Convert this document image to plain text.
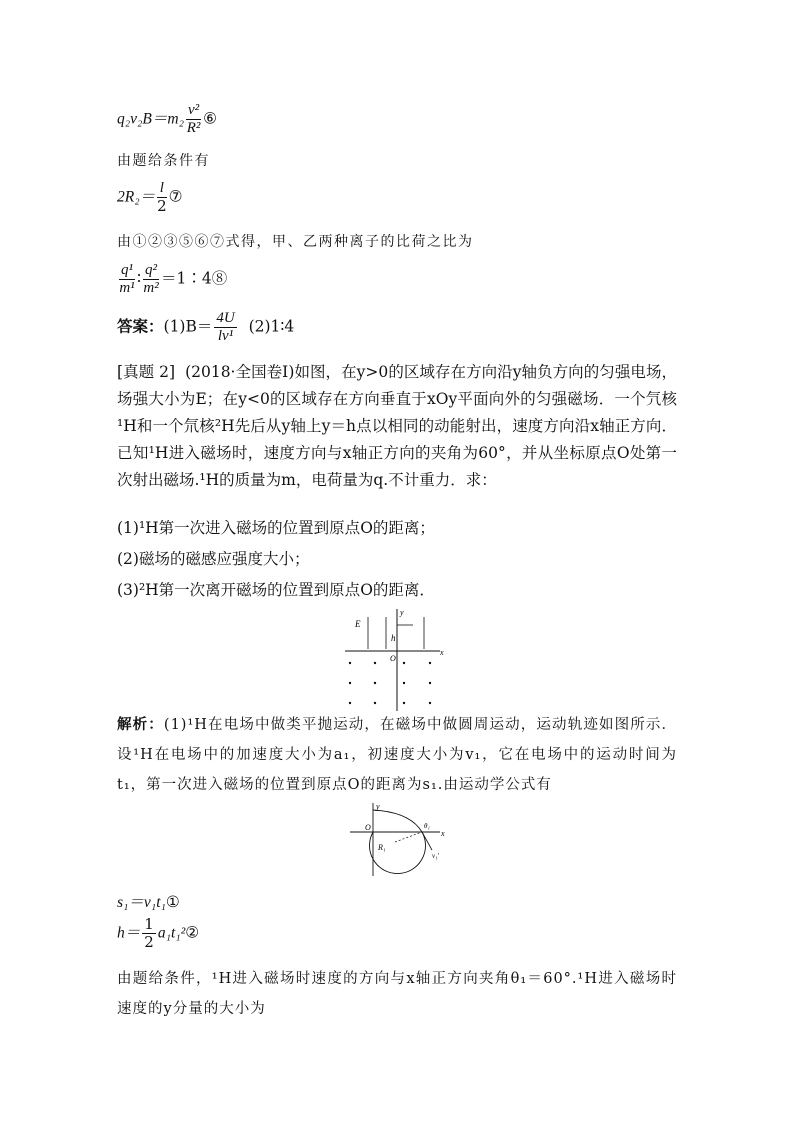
$q_2v_2B=m_2 \frac{\text{v²}}{\text{R²}}$ ⑥
由题给条件有
$2R_2= \frac{l}{2}$ ⑦
由①②③⑤⑥⑦式得，甲、乙两种离子的比荷之比为
$\frac{\text{q¹}}{\text{m¹}}$ ∶ $\frac{\text{q²}}{\text{m²}}$ ＝1∶4⑧
答案：$(1)B= \frac{4U}{\text{lv¹}}$ (2)1∶4
[真题 2] (2018·全国卷Ⅰ)如图，在y>0的区域存在方向沿y轴负方向的匀强电场，场强大小为E；在y<0的区域存在方向垂直于xOy平面向外的匀强磁场．一个氕核¹H和一个氘核²H先后从y轴上y＝h点以相同的动能射出，速度方向沿x轴正方向．已知¹H进入磁场时，速度方向与x轴正方向的夹角为60°，并从坐标原点O处第一次射出磁场.¹H的质量为m，电荷量为q.不计重力．求：
(1)¹H第一次进入磁场的位置到原点O的距离；
(2)磁场的磁感应强度大小；
(3)²H第一次离开磁场的位置到原点O的距离．
E
h
O
x
y
解析：(1)¹H在电场中做类平抛运动，在磁场中做圆周运动，运动轨迹如图所示．设¹H在电场中的加速度大小为a₁，初速度大小为v₁，它在电场中的运动时间为t₁，第一次进入磁场的位置到原点O的距离为s₁.由运动学公式有
y
O
x
R₁
θ₁
v₁'
s₁＝v₁t₁①
$h= \frac{1}{2}$ a₁t₁²②
由题给条件，¹H进入磁场时速度的方向与x轴正方向夹角θ₁＝60°.¹H进入磁场时速度的y分量的大小为
